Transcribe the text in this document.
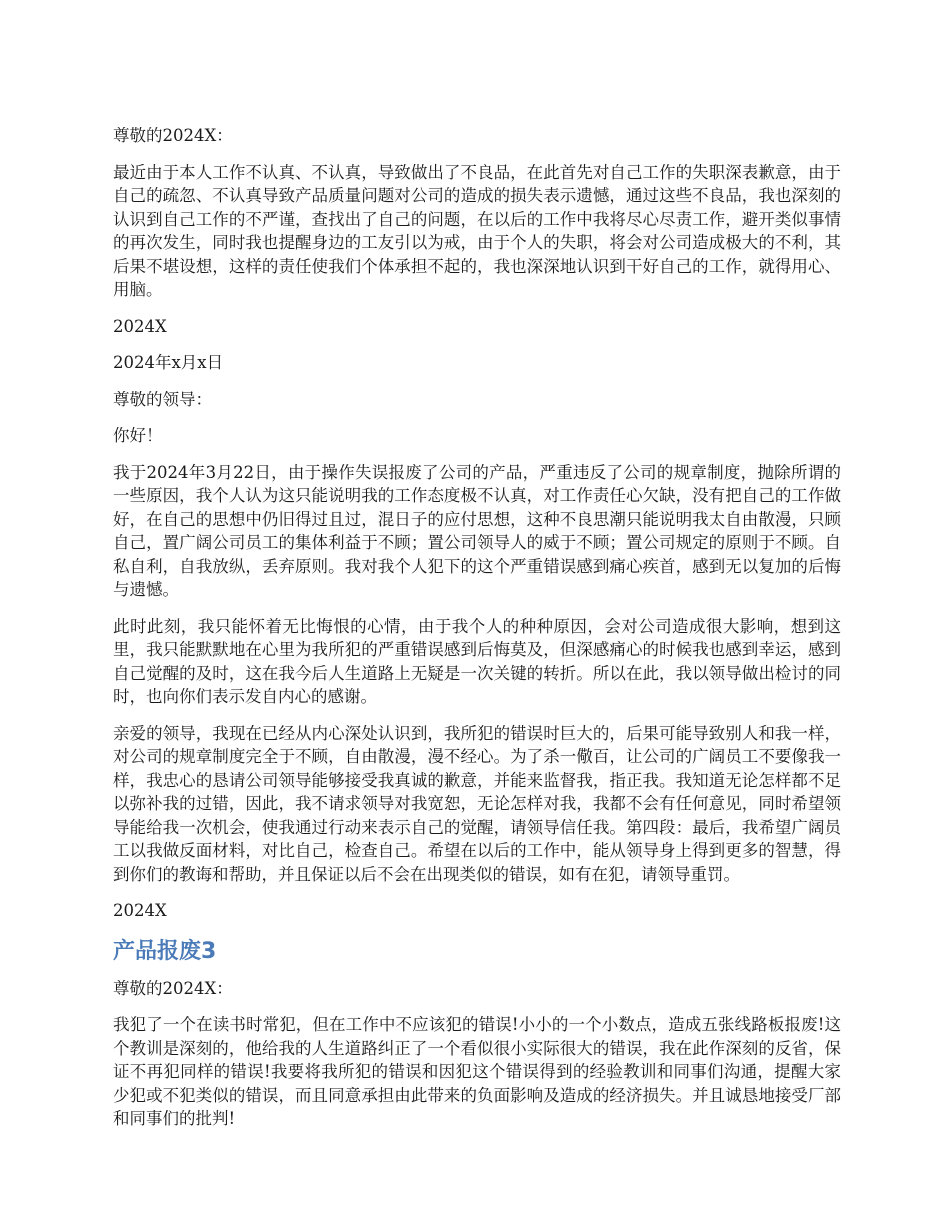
尊敬的2024X：

最近由于本人工作不认真、不认真，导致做出了不良品，在此首先对自己工作的失职深表歉意，由于自己的疏忽、不认真导致产品质量问题对公司的造成的损失表示遗憾，通过这些不良品，我也深刻的认识到自己工作的不严谨，查找出了自己的问题，在以后的工作中我将尽心尽责工作，避开类似事情的再次发生，同时我也提醒身边的工友引以为戒，由于个人的失职，将会对公司造成极大的不利，其后果不堪设想，这样的责任使我们个体承担不起的，我也深深地认识到干好自己的工作，就得用心、用脑。

2024X

2024年x月x日

尊敬的领导：

你好！

我于2024年3月22日，由于操作失误报废了公司的产品，严重违反了公司的规章制度，抛除所谓的一些原因，我个人认为这只能说明我的工作态度极不认真，对工作责任心欠缺，没有把自己的工作做好，在自己的思想中仍旧得过且过，混日子的应付思想，这种不良思潮只能说明我太自由散漫，只顾自己，置广阔公司员工的集体利益于不顾；置公司领导人的威于不顾；置公司规定的原则于不顾。自私自利，自我放纵，丢弃原则。我对我个人犯下的这个严重错误感到痛心疾首，感到无以复加的后悔与遗憾。

此时此刻，我只能怀着无比悔恨的心情，由于我个人的种种原因，会对公司造成很大影响，想到这里，我只能默默地在心里为我所犯的严重错误感到后悔莫及，但深感痛心的时候我也感到幸运，感到自己觉醒的及时，这在我今后人生道路上无疑是一次关键的转折。所以在此，我以领导做出检讨的同时，也向你们表示发自内心的感谢。

亲爱的领导，我现在已经从内心深处认识到，我所犯的错误时巨大的，后果可能导致别人和我一样，对公司的规章制度完全于不顾，自由散漫，漫不经心。为了杀一儆百，让公司的广阔员工不要像我一样，我忠心的恳请公司领导能够接受我真诚的歉意，并能来监督我，指正我。我知道无论怎样都不足以弥补我的过错，因此，我不请求领导对我宽恕，无论怎样对我，我都不会有任何意见，同时希望领导能给我一次机会，使我通过行动来表示自己的觉醒，请领导信任我。第四段：最后，我希望广阔员工以我做反面材料，对比自己，检查自己。希望在以后的工作中，能从领导身上得到更多的智慧，得到你们的教诲和帮助，并且保证以后不会在出现类似的错误，如有在犯，请领导重罚。

2024X

产品报废3

尊敬的2024X：

我犯了一个在读书时常犯，但在工作中不应该犯的错误!小小的一个小数点，造成五张线路板报废!这个教训是深刻的，他给我的人生道路纠正了一个看似很小实际很大的错误，我在此作深刻的反省，保证不再犯同样的错误!我要将我所犯的错误和因犯这个错误得到的经验教训和同事们沟通，提醒大家少犯或不犯类似的错误，而且同意承担由此带来的负面影响及造成的经济损失。并且诚恳地接受厂部和同事们的批判!
